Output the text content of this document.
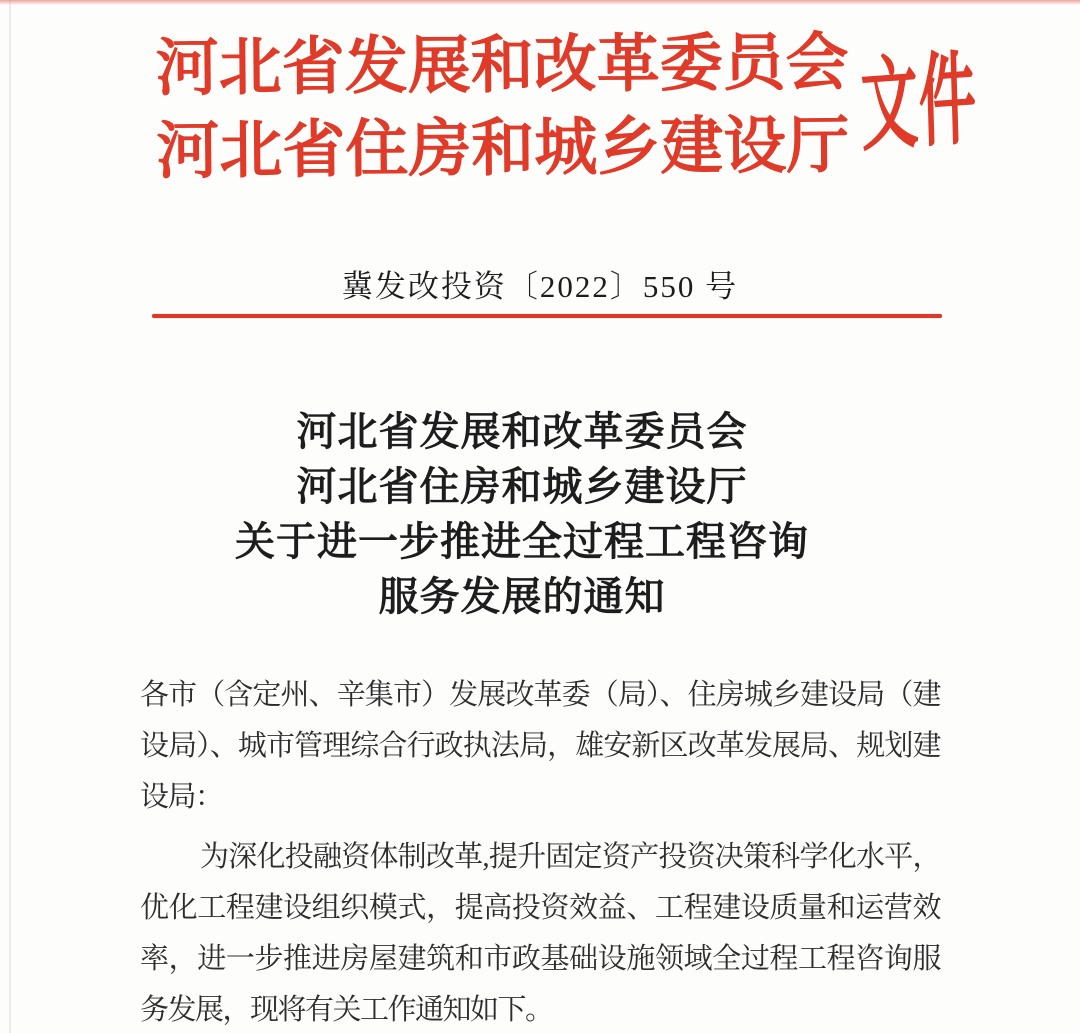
河北省发展和改革委员会
河北省住房和城乡建设厅 文件
冀发改投资〔2022〕550 号
河北省发展和改革委员会
河北省住房和城乡建设厅
关于进一步推进全过程工程咨询
服务发展的通知

各市（含定州、辛集市）发展改革委（局）、住房城乡建设局（建

设局）、城市管理综合行政执法局，雄安新区改革发展局、规划建

设局：

为深化投融资体制改革,提升固定资产投资决策科学化水平，

优化工程建设组织模式，提高投资效益、工程建设质量和运营效

率，进一步推进房屋建筑和市政基础设施领域全过程工程咨询服

务发展，现将有关工作通知如下。
